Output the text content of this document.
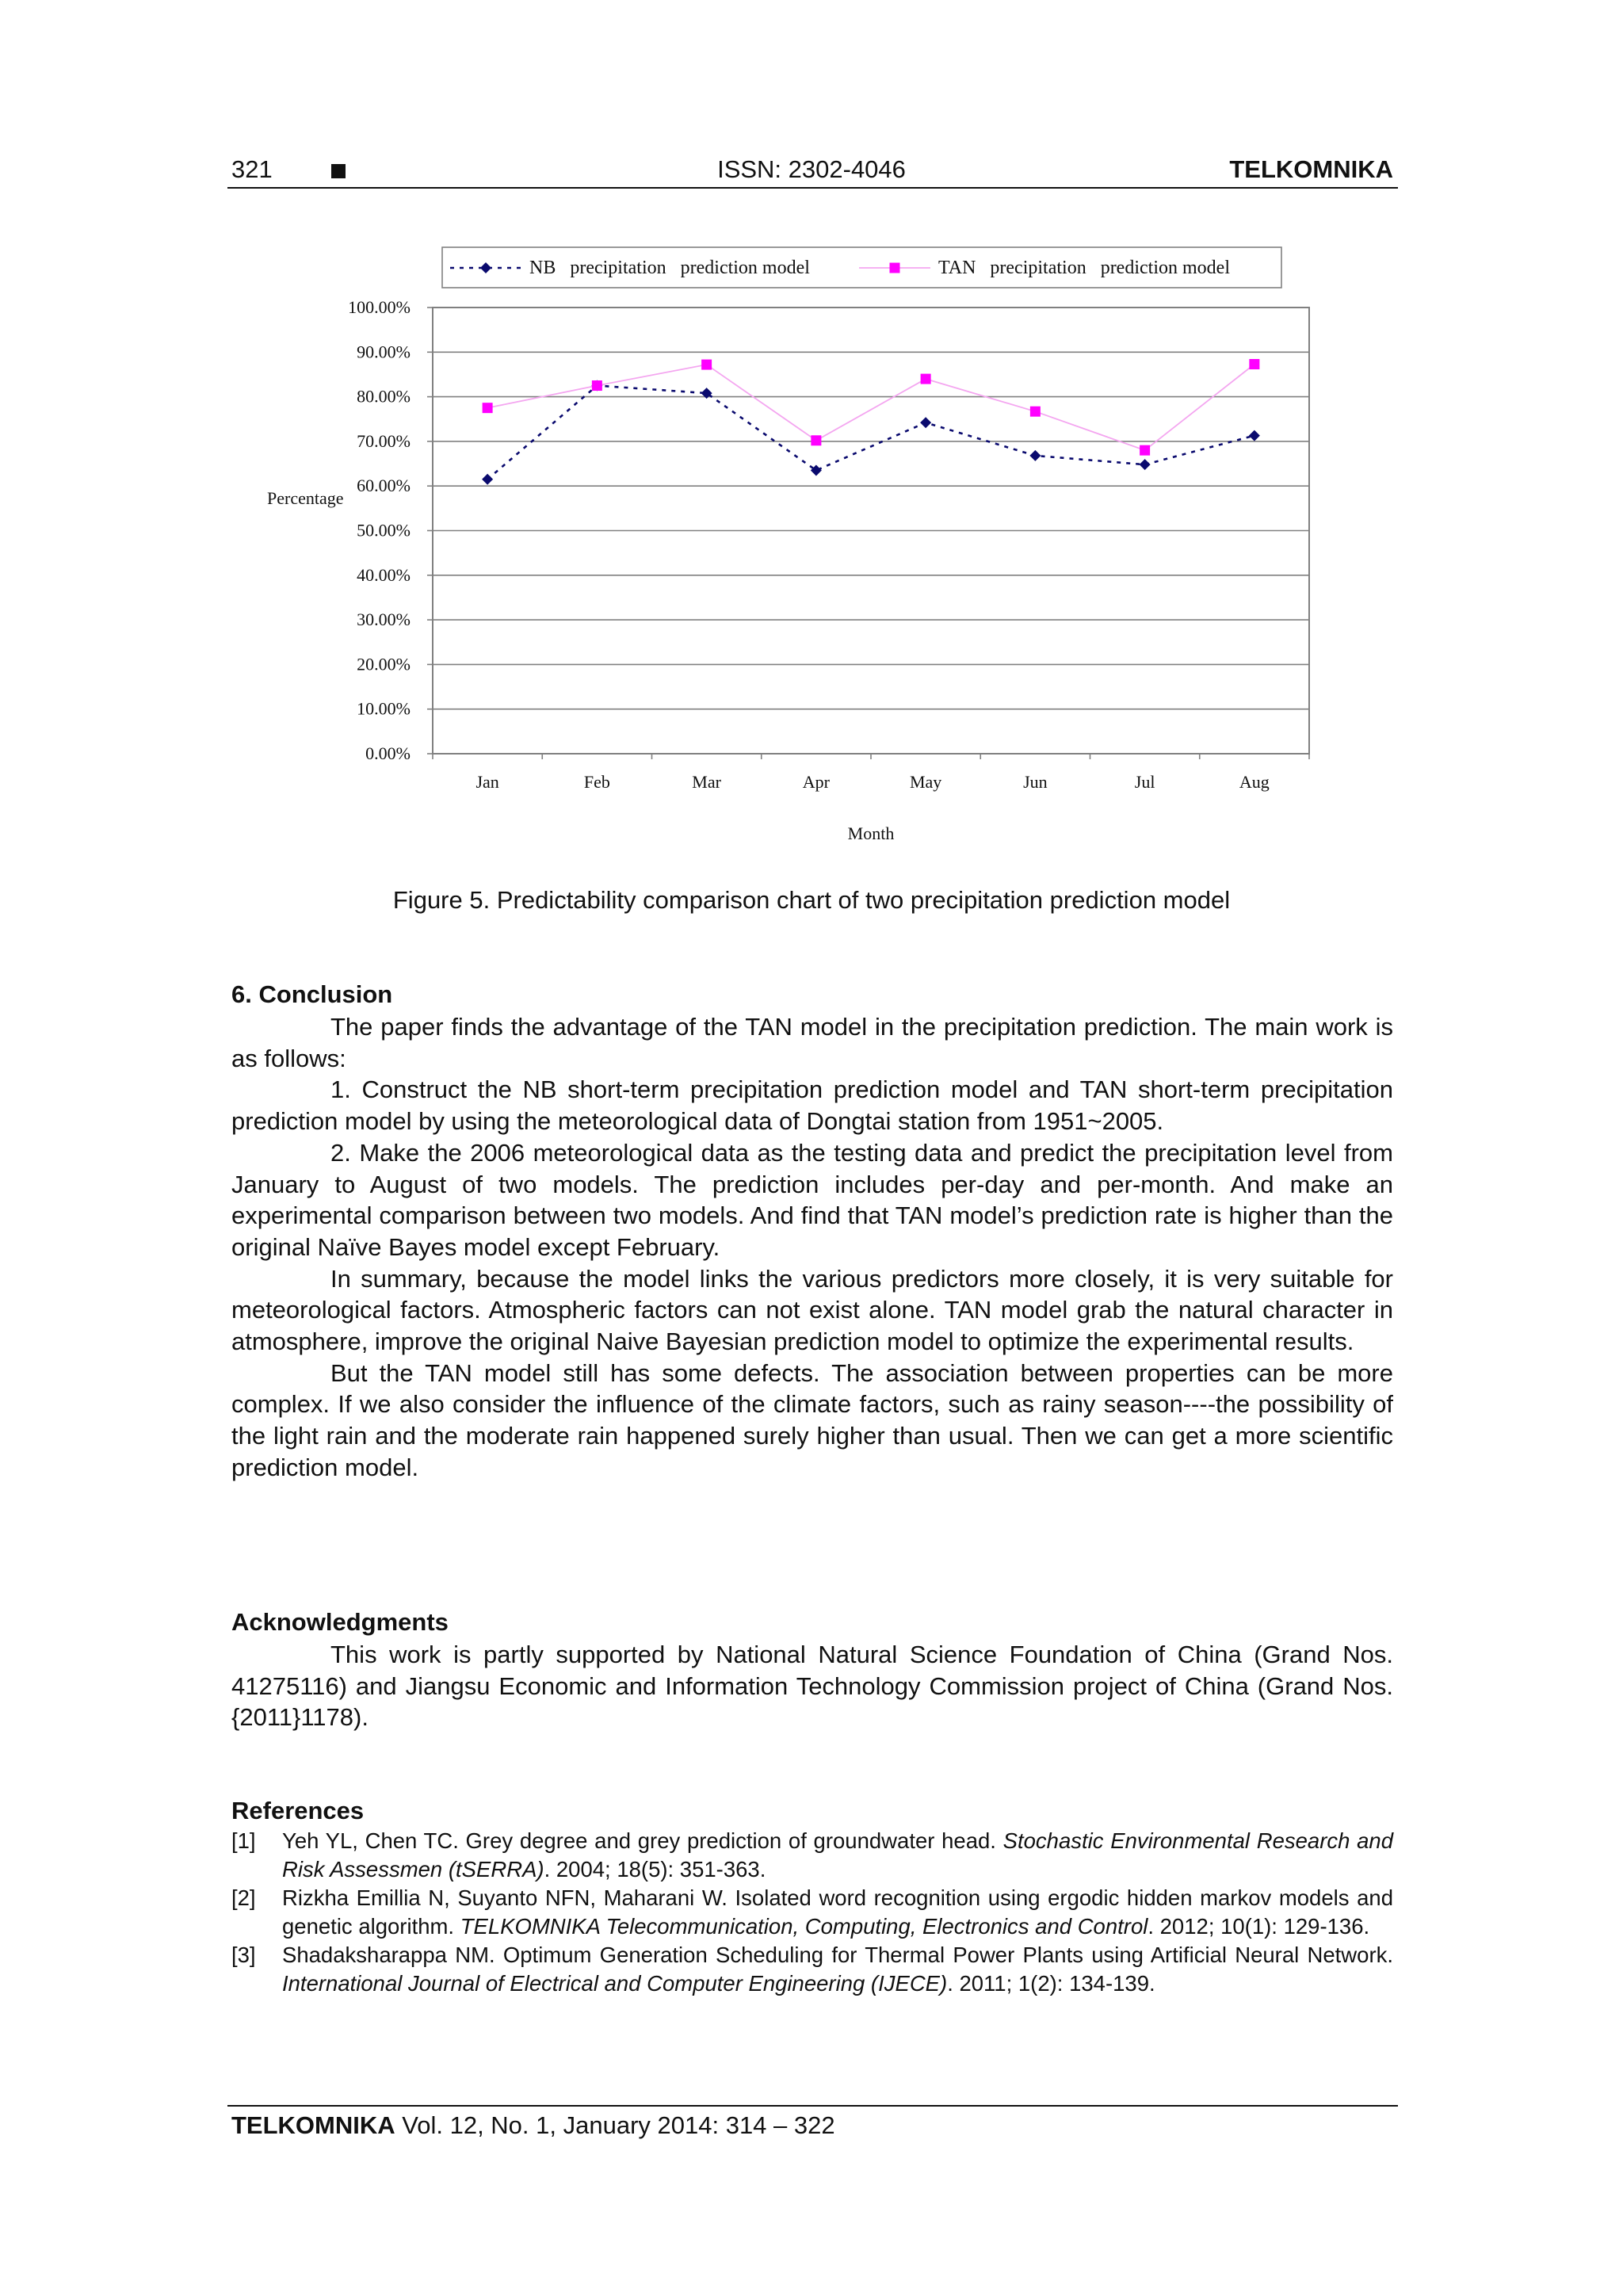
321	ISSN: 2302-4046	TELKOMNIKA
0.00%
10.00%
20.00%
30.00%
40.00%
50.00%
60.00%
70.00%
80.00%
90.00%
100.00%
Jan	Feb	Mar	Apr	May	Jun	Jul	Aug
Month
Percentage
NB   precipitation   prediction model	TAN   precipitation   prediction model
Figure 5. Predictability comparison chart of two precipitation prediction model
6. Conclusion

The paper finds the advantage of the TAN model in the precipitation prediction. The main work is as follows:

1. Construct the NB short-term precipitation prediction model and TAN short-term precipitation prediction model by using the meteorological data of Dongtai station from 1951~2005.

2. Make the 2006 meteorological data as the testing data and predict the precipitation level from January to August of two models. The prediction includes per-day and per-month. And make an experimental comparison between two models. And find that TAN model’s prediction rate is higher than the original Naïve Bayes model except February.

In summary, because the model links the various predictors more closely, it is very suitable for meteorological factors. Atmospheric factors can not exist alone. TAN model grab the natural character in atmosphere, improve the original Naive Bayesian prediction model to optimize the experimental results.

But the TAN model still has some defects. The association between properties can be more complex. If we also consider the influence of the climate factors, such as rainy season----the possibility of the light rain and the moderate rain happened surely higher than usual. Then we can get a more scientific prediction model.

Acknowledgments

This work is partly supported by National Natural Science Foundation of China (Grand Nos. 41275116) and Jiangsu Economic and Information Technology Commission project of China (Grand Nos.{2011}1178).

References
[1] Yeh YL, Chen TC. Grey degree and grey prediction of groundwater head. Stochastic Environmental Research and Risk Assessmen (tSERRA). 2004; 18(5): 351-363.
[2] Rizkha Emillia N, Suyanto NFN, Maharani W. Isolated word recognition using ergodic hidden markov models and genetic algorithm. TELKOMNIKA Telecommunication, Computing, Electronics and Control. 2012; 10(1): 129-136.
[3] Shadaksharappa NM. Optimum Generation Scheduling for Thermal Power Plants using Artificial Neural Network. International Journal of Electrical and Computer Engineering (IJECE). 2011; 1(2): 134-139.
TELKOMNIKA Vol. 12, No. 1, January 2014: 314 – 322
